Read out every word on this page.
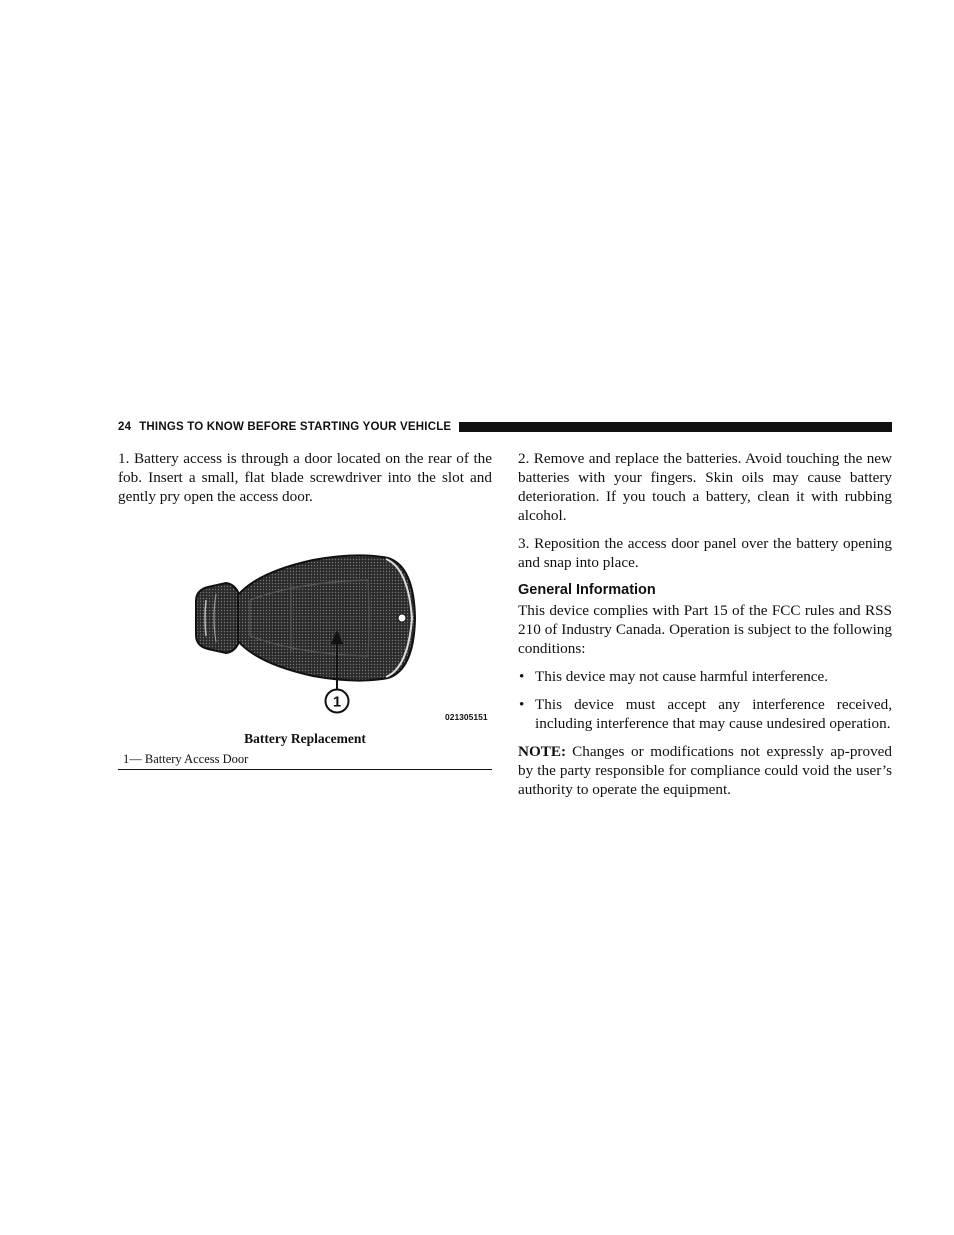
24 THINGS TO KNOW BEFORE STARTING YOUR VEHICLE

1. Battery access is through a door located on the rear of the fob. Insert a small, flat blade screwdriver into the slot and gently pry open the access door.

1
021305151
Battery Replacement
1— Battery Access Door

2. Remove and replace the batteries. Avoid touching the new batteries with your fingers. Skin oils may cause battery deterioration. If you touch a battery, clean it with rubbing alcohol.

3. Reposition the access door panel over the battery opening and snap into place.

General Information

This device complies with Part 15 of the FCC rules and RSS 210 of Industry Canada. Operation is subject to the following conditions:

• This device may not cause harmful interference.
• This device must accept any interference received, including interference that may cause undesired operation.

NOTE: Changes or modifications not expressly ap-proved by the party responsible for compliance could void the user’s authority to operate the equipment.
